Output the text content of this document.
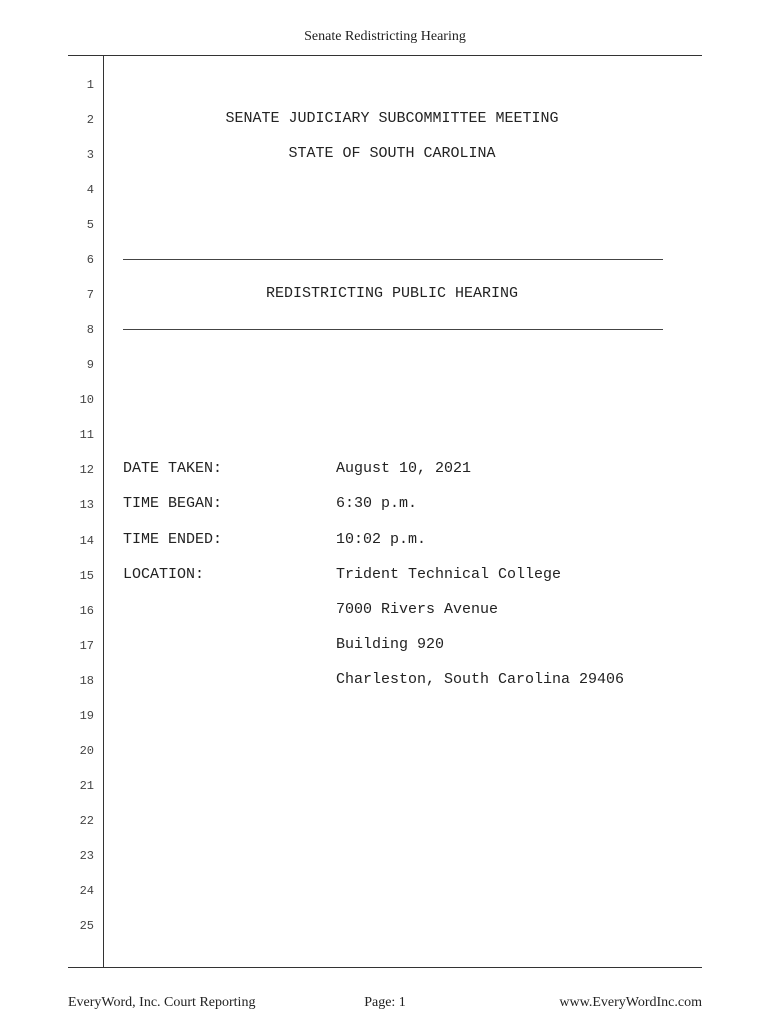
Senate Redistricting Hearing
1
2	SENATE JUDICIARY SUBCOMMITTEE MEETING
3	STATE OF SOUTH CAROLINA
4
5
6
7	REDISTRICTING PUBLIC HEARING
8
9
10
11
12 DATE TAKEN:	August 10, 2021
13 TIME BEGAN:	6:30 p.m.
14 TIME ENDED:	10:02 p.m.
15 LOCATION:	Trident Technical College
16	7000 Rivers Avenue
17	Building 920
18	Charleston, South Carolina 29406
19
20
21
22
23
24
25
EveryWord, Inc. Court Reporting	Page: 1	www.EveryWordInc.com
